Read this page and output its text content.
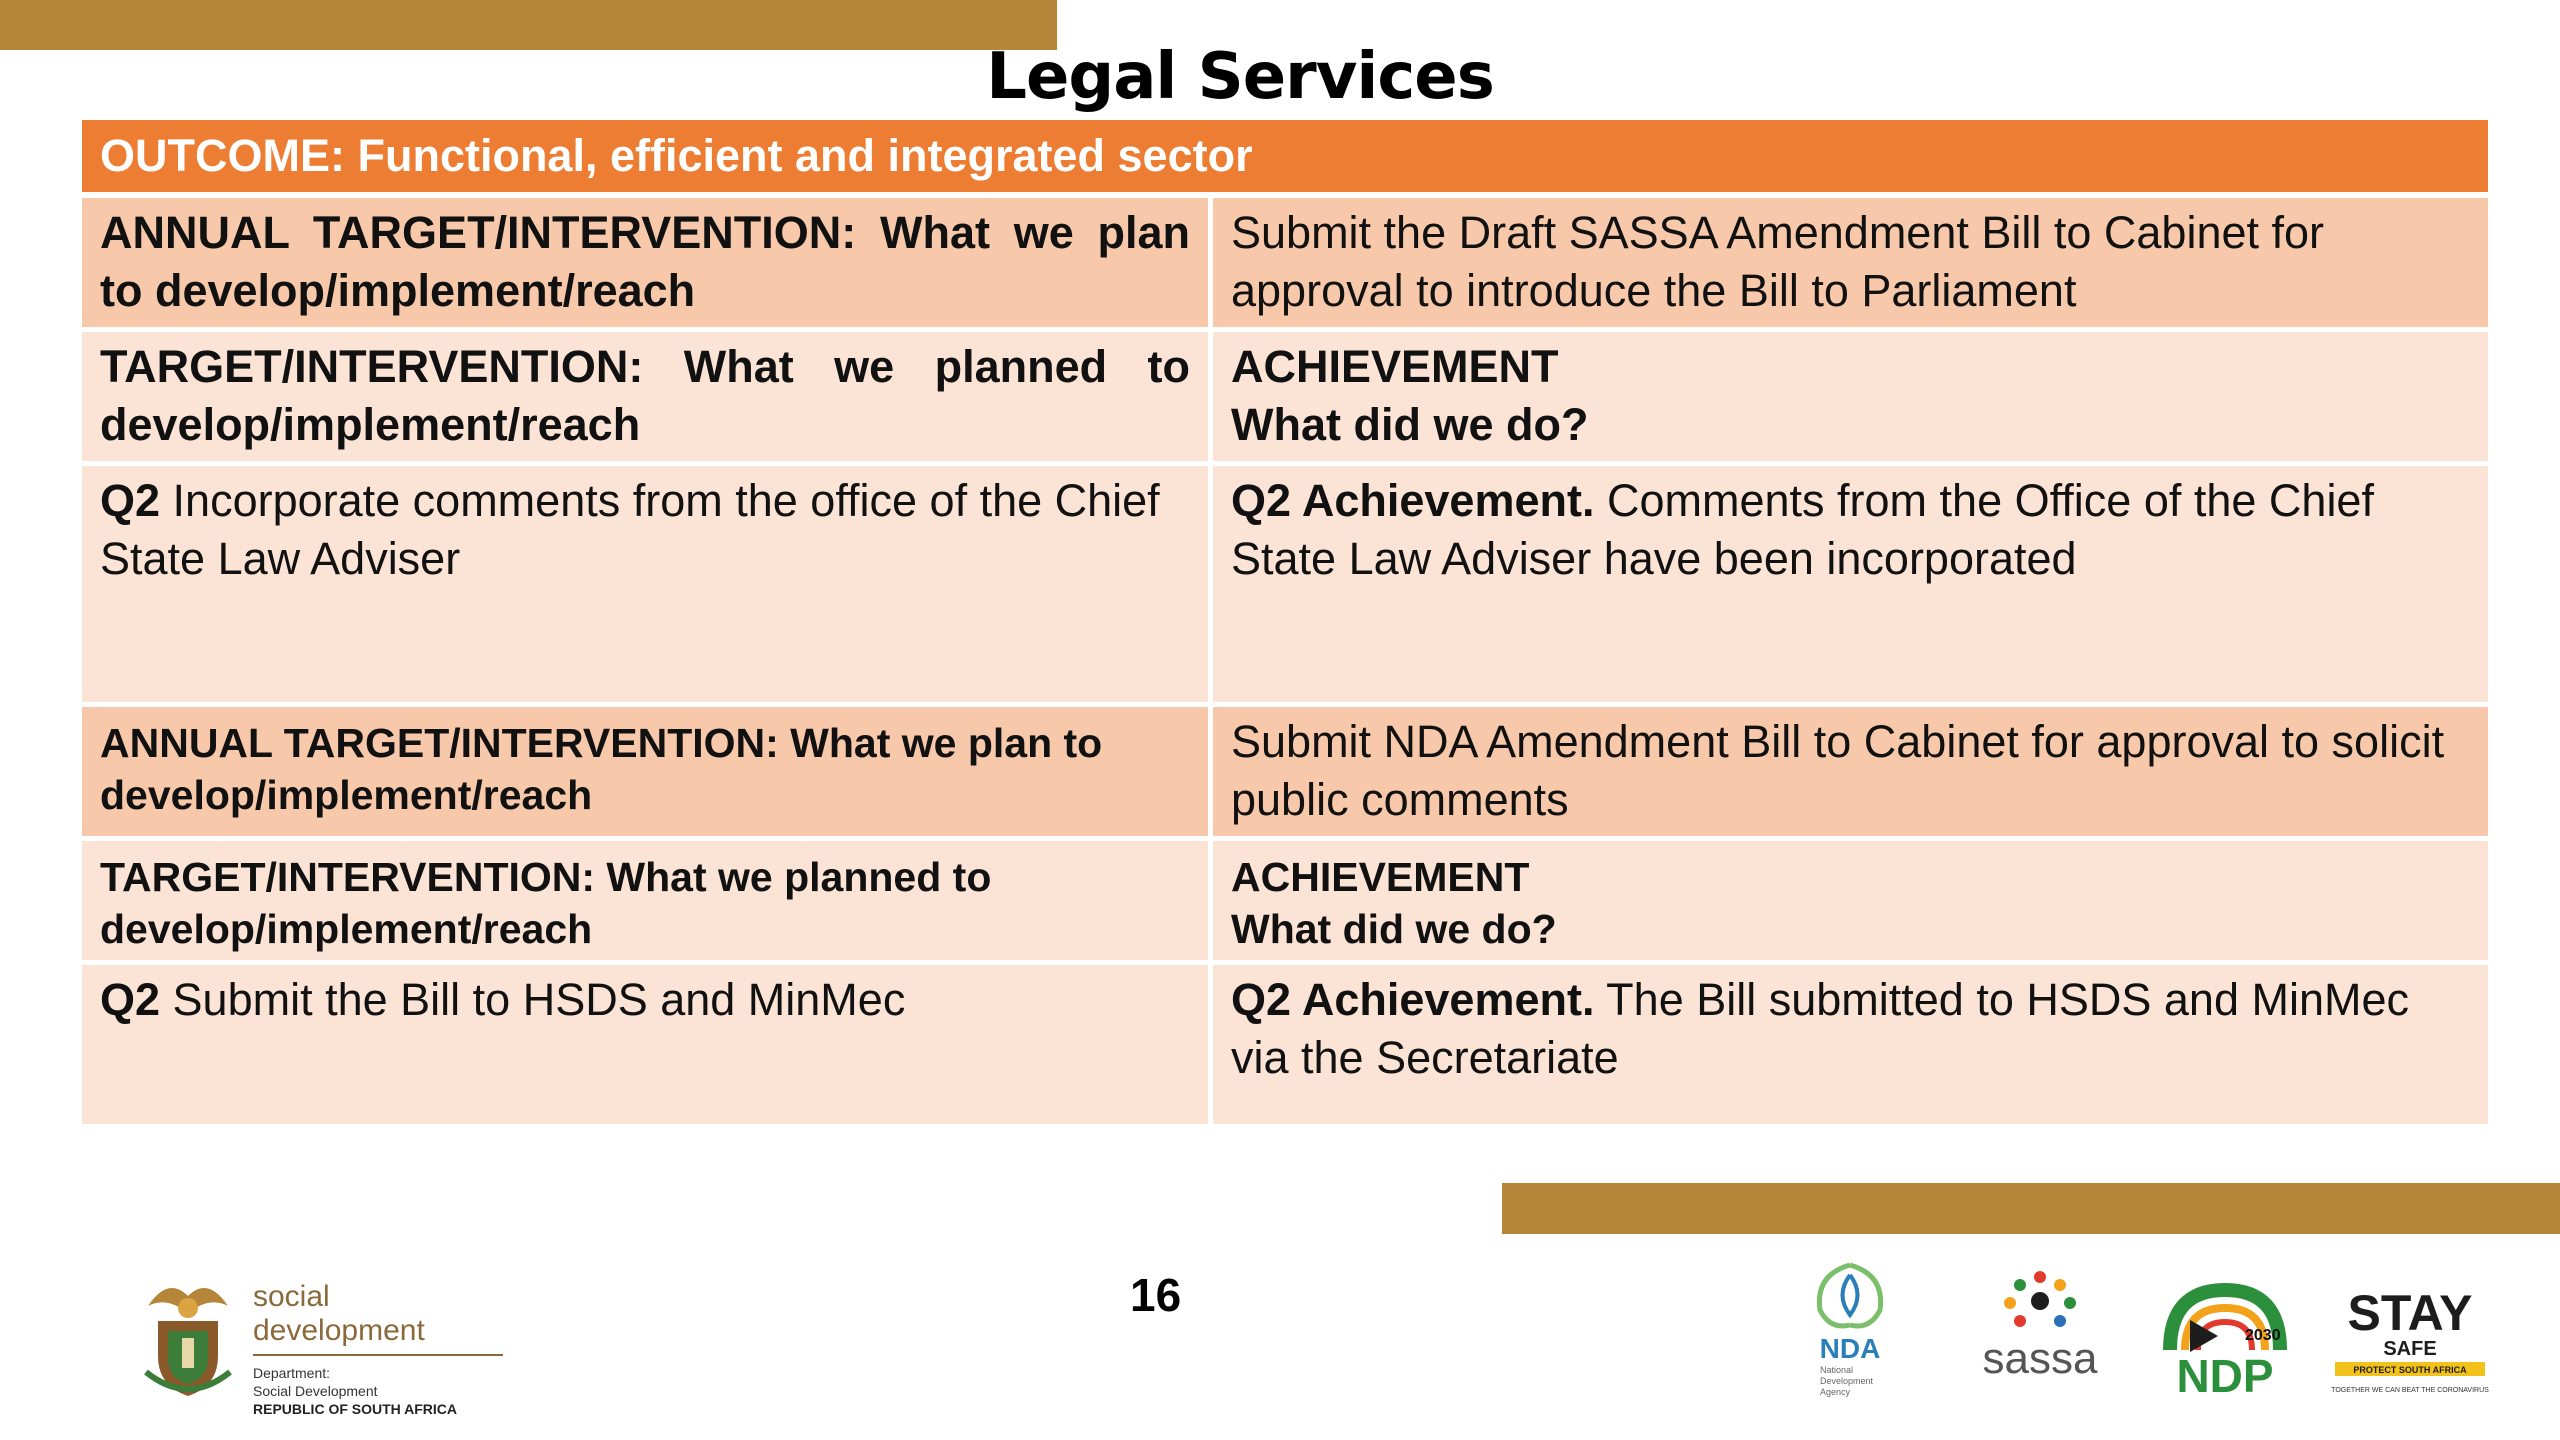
Legal Services
OUTCOME: Functional, efficient and integrated sector
ANNUAL TARGET/INTERVENTION: What we plan to develop/implement/reach
Submit the Draft SASSA Amendment Bill to Cabinet for approval to introduce the Bill to Parliament
TARGET/INTERVENTION: What we planned to develop/implement/reach
ACHIEVEMENT
What did we do?
Q2 Incorporate comments from the office of the Chief State Law Adviser
Q2 Achievement. Comments from the Office of the Chief State Law Adviser have been incorporated
ANNUAL TARGET/INTERVENTION: What we plan to develop/implement/reach
Submit NDA Amendment Bill to Cabinet for approval to solicit public comments
TARGET/INTERVENTION: What we planned to develop/implement/reach
ACHIEVEMENT
What did we do?
Q2 Submit the Bill to HSDS and MinMec	Q2 Achievement. The Bill submitted to HSDS and MinMec via the Secretariate
16
social development
Department:
Social Development
REPUBLIC OF SOUTH AFRICA
NDA
National
Development
Agency
sassa	2030
NDP
STAY
SAFE
PROTECT SOUTH AFRICA
TOGETHER WE CAN BEAT THE CORONAVIRUS
